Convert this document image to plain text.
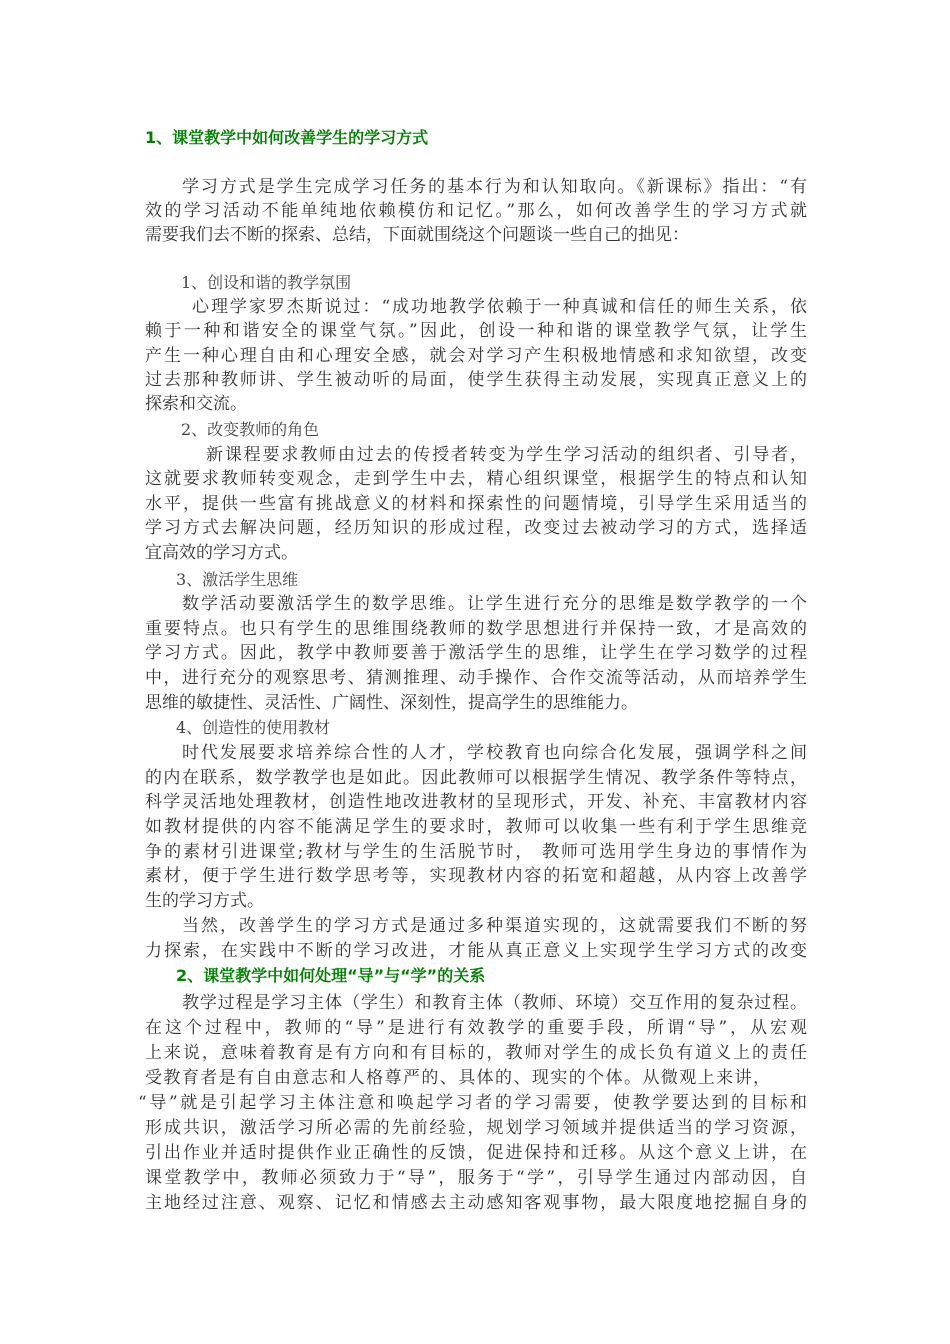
1、课堂教学中如何改善学生的学习方式
学习方式是学生完成学习任务的基本行为和认知取向。《新课标》指出：“有
效的学习活动不能单纯地依赖模仿和记忆。”那么，如何改善学生的学习方式就
需要我们去不断的探索、总结，下面就围绕这个问题谈一些自己的拙见：
1、创设和谐的教学氛围
心理学家罗杰斯说过：“成功地教学依赖于一种真诚和信任的师生关系，依
赖于一种和谐安全的课堂气氛。”因此，创设一种和谐的课堂教学气氛，让学生
产生一种心理自由和心理安全感，就会对学习产生积极地情感和求知欲望，改变
过去那种教师讲、学生被动听的局面，使学生获得主动发展，实现真正意义上的
探索和交流。
2、改变教师的角色
新课程要求教师由过去的传授者转变为学生学习活动的组织者、引导者，
这就要求教师转变观念，走到学生中去，精心组织课堂，根据学生的特点和认知
水平，提供一些富有挑战意义的材料和探索性的问题情境，引导学生采用适当的
学习方式去解决问题，经历知识的形成过程，改变过去被动学习的方式，选择适
宜高效的学习方式。
3、激活学生思维
数学活动要激活学生的数学思维。让学生进行充分的思维是数学教学的一个
重要特点。也只有学生的思维围绕教师的数学思想进行并保持一致，才是高效的
学习方式。因此，教学中教师要善于激活学生的思维，让学生在学习数学的过程
中，进行充分的观察思考、猜测推理、动手操作、合作交流等活动，从而培养学生
思维的敏捷性、灵活性、广阔性、深刻性，提高学生的思维能力。
4、创造性的使用教材
时代发展要求培养综合性的人才，学校教育也向综合化发展，强调学科之间
的内在联系，数学教学也是如此。因此教师可以根据学生情况、教学条件等特点，
科学灵活地处理教材，创造性地改进教材的呈现形式，开发、补充、丰富教材内容
如教材提供的内容不能满足学生的要求时，教师可以收集一些有利于学生思维竞
争的素材引进课堂;教材与学生的生活脱节时， 教师可选用学生身边的事情作为
素材，便于学生进行数学思考等，实现教材内容的拓宽和超越，从内容上改善学
生的学习方式。
当然，改善学生的学习方式是通过多种渠道实现的，这就需要我们不断的努
力探索，在实践中不断的学习改进，才能从真正意义上实现学生学习方式的改变
2、课堂教学中如何处理“导”与“学”的关系
教学过程是学习主体（学生）和教育主体（教师、环境）交互作用的复杂过程。
在这个过程中，教师的“导”是进行有效教学的重要手段，所谓“导”，从宏观
上来说，意味着教育是有方向和有目标的，教师对学生的成长负有道义上的责任
受教育者是有自由意志和人格尊严的、具体的、现实的个体。从微观上来讲，
“导”就是引起学习主体注意和唤起学习者的学习需要，使教学要达到的目标和
形成共识，激活学习所必需的先前经验，规划学习领域并提供适当的学习资源，
引出作业并适时提供作业正确性的反馈，促进保持和迁移。从这个意义上讲，在
课堂教学中，教师必须致力于“导”，服务于“学”，引导学生通过内部动因，自
主地经过注意、观察、记忆和情感去主动感知客观事物，最大限度地挖掘自身的
